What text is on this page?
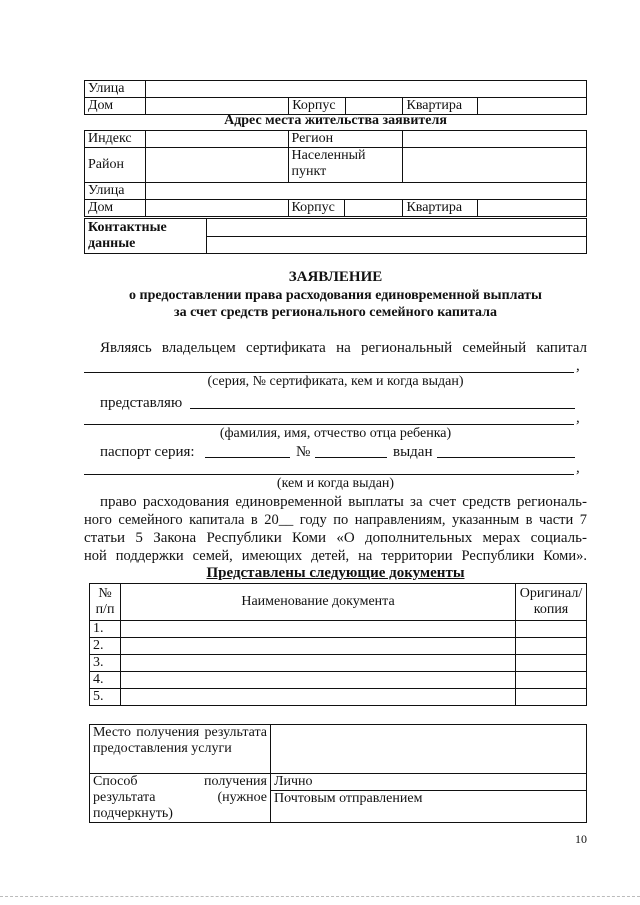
Улица					
Дом		Корпус		Квартира	
Адрес места жительства заявителя
Индекс		Регион			
Район		Населенный пункт			
Улица					
Дом		Корпус		Квартира	
Контактные данные	

ЗАЯВЛЕНИЕ
о предоставлении права расходования единовременной выплаты
за счет средств регионального семейного капитала
Являясь владельцем сертификата на региональный семейный капитал
,
(серия, № сертификата, кем и когда выдан)
представляю
,
(фамилия, имя, отчество отца ребенка)
паспорт серия:	№	выдан
,
(кем и когда выдан)
право расходования единовременной выплаты за счет средств региональ-
ного семейного капитала в 20__ году по направлениям, указанным в части 7
статьи 5 Закона Республики Коми «О дополнительных мерах социаль-
ной поддержки семей, имеющих детей, на территории Республики Коми».
Представлены следующие документы
№ п/п	Наименование документа	Оригинал/ копия
1.		
2.		
3.		
4.		
5.		
Место получения результата предоставления услуги	
Способ получения результата (нужное подчеркнуть)	Лично
	Почтовым отправлением
10
